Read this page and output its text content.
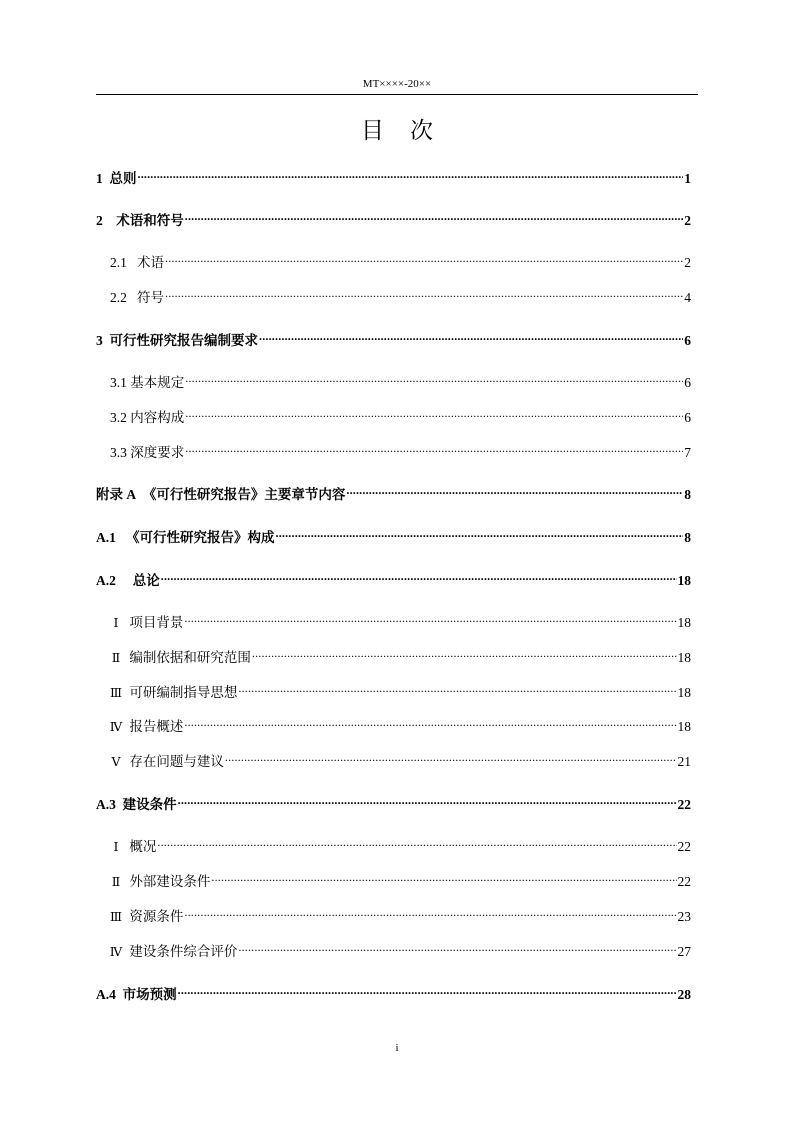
MT××××-20××
目 次
1 总则 .....	1
2 术语和符号 .....	2
2.1 术语 .....	2
2.2 符号 .....	4
3 可行性研究报告编制要求 .....	6
3.1 基本规定 .....	6
3.2 内容构成 .....	6
3.3 深度要求 .....	7
附录 A 《可行性研究报告》主要章节内容 .....	8
A.1 《可行性研究报告》构成 .....	8
A.2 总论 .....	18
Ⅰ 项目背景 .....	18
Ⅱ 编制依据和研究范围 .....	18
Ⅲ 可研编制指导思想 .....	18
Ⅳ 报告概述 .....	18
Ⅴ 存在问题与建议 .....	21
A.3 建设条件 .....	22
Ⅰ 概况 .....	22
Ⅱ 外部建设条件 .....	22
Ⅲ 资源条件 .....	23
Ⅳ 建设条件综合评价 .....	27
A.4 市场预测 .....	28
i
